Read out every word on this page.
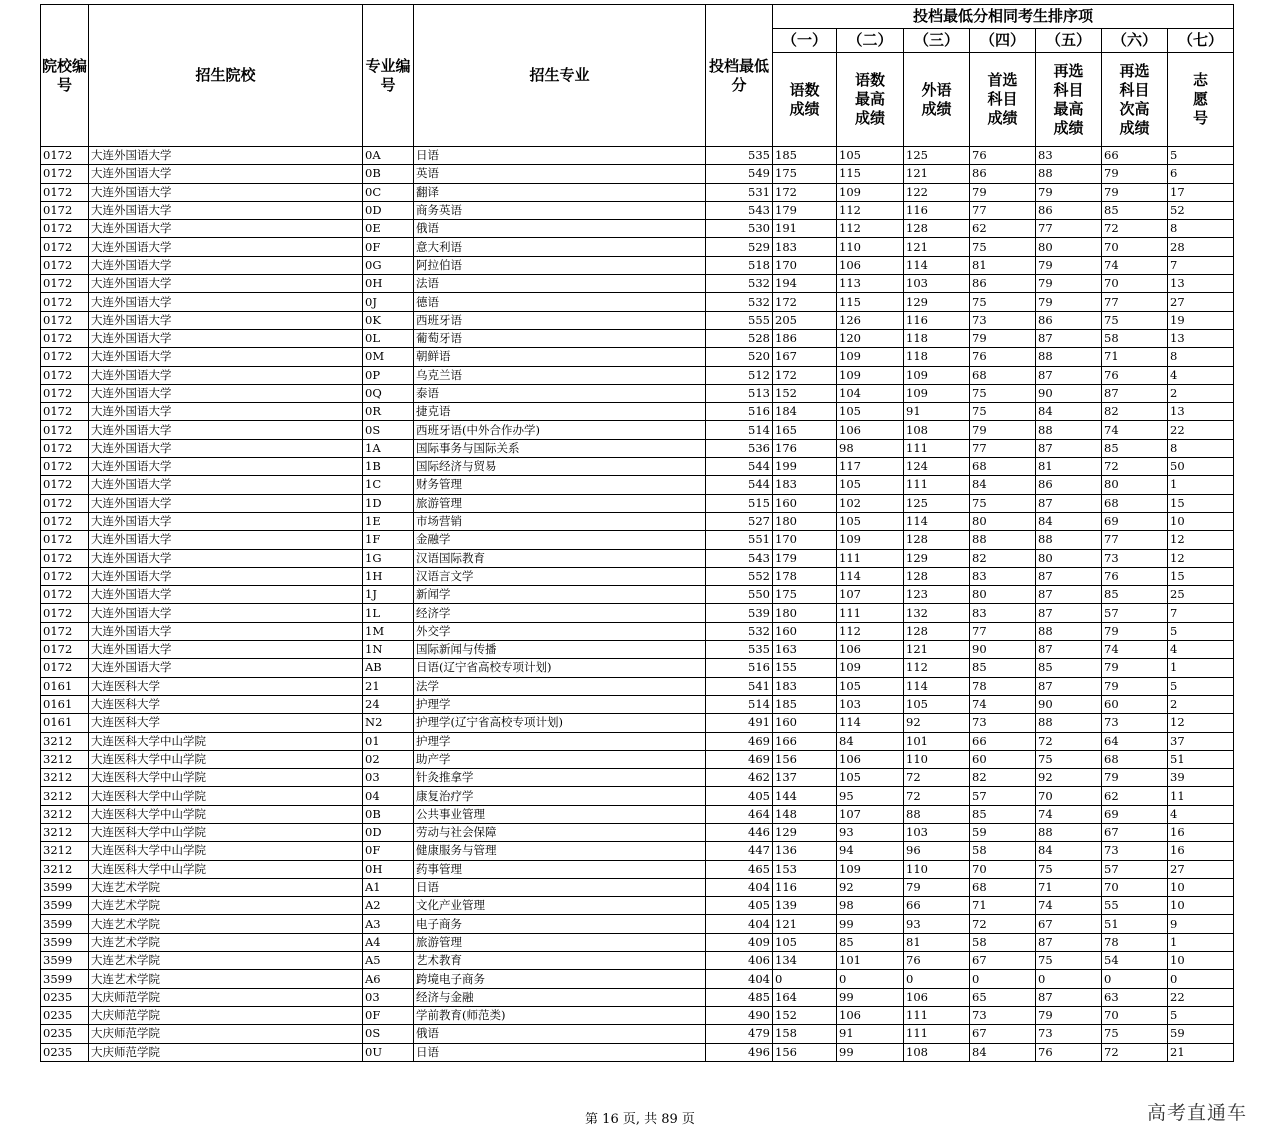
院校编号	招生院校	专业编号	招生专业	投档最低分	投档最低分相同考生排序项						
					（一）	（二）	（三）	（四）	（五）	（六）	（七）
					语数成绩	语数最高成绩	外语成绩	首选科目成绩	再选科目最高成绩	再选科目次高成绩	志愿号
0172	大连外国语大学	0A	日语	535	185	105	125	76	83	66	5
0172	大连外国语大学	0B	英语	549	175	115	121	86	88	79	6
0172	大连外国语大学	0C	翻译	531	172	109	122	79	79	79	17
0172	大连外国语大学	0D	商务英语	543	179	112	116	77	86	85	52
0172	大连外国语大学	0E	俄语	530	191	112	128	62	77	72	8
0172	大连外国语大学	0F	意大利语	529	183	110	121	75	80	70	28
0172	大连外国语大学	0G	阿拉伯语	518	170	106	114	81	79	74	7
0172	大连外国语大学	0H	法语	532	194	113	103	86	79	70	13
0172	大连外国语大学	0J	德语	532	172	115	129	75	79	77	27
0172	大连外国语大学	0K	西班牙语	555	205	126	116	73	86	75	19
0172	大连外国语大学	0L	葡萄牙语	528	186	120	118	79	87	58	13
0172	大连外国语大学	0M	朝鲜语	520	167	109	118	76	88	71	8
0172	大连外国语大学	0P	乌克兰语	512	172	109	109	68	87	76	4
0172	大连外国语大学	0Q	泰语	513	152	104	109	75	90	87	2
0172	大连外国语大学	0R	捷克语	516	184	105	91	75	84	82	13
0172	大连外国语大学	0S	西班牙语(中外合作办学)	514	165	106	108	79	88	74	22
0172	大连外国语大学	1A	国际事务与国际关系	536	176	98	111	77	87	85	8
0172	大连外国语大学	1B	国际经济与贸易	544	199	117	124	68	81	72	50
0172	大连外国语大学	1C	财务管理	544	183	105	111	84	86	80	1
0172	大连外国语大学	1D	旅游管理	515	160	102	125	75	87	68	15
0172	大连外国语大学	1E	市场营销	527	180	105	114	80	84	69	10
0172	大连外国语大学	1F	金融学	551	170	109	128	88	88	77	12
0172	大连外国语大学	1G	汉语国际教育	543	179	111	129	82	80	73	12
0172	大连外国语大学	1H	汉语言文学	552	178	114	128	83	87	76	15
0172	大连外国语大学	1J	新闻学	550	175	107	123	80	87	85	25
0172	大连外国语大学	1L	经济学	539	180	111	132	83	87	57	7
0172	大连外国语大学	1M	外交学	532	160	112	128	77	88	79	5
0172	大连外国语大学	1N	国际新闻与传播	535	163	106	121	90	87	74	4
0172	大连外国语大学	AB	日语(辽宁省高校专项计划)	516	155	109	112	85	85	79	1
0161	大连医科大学	21	法学	541	183	105	114	78	87	79	5
0161	大连医科大学	24	护理学	514	185	103	105	74	90	60	2
0161	大连医科大学	N2	护理学(辽宁省高校专项计划)	491	160	114	92	73	88	73	12
3212	大连医科大学中山学院	01	护理学	469	166	84	101	66	72	64	37
3212	大连医科大学中山学院	02	助产学	469	156	106	110	60	75	68	51
3212	大连医科大学中山学院	03	针灸推拿学	462	137	105	72	82	92	79	39
3212	大连医科大学中山学院	04	康复治疗学	405	144	95	72	57	70	62	11
3212	大连医科大学中山学院	0B	公共事业管理	464	148	107	88	85	74	69	4
3212	大连医科大学中山学院	0D	劳动与社会保障	446	129	93	103	59	88	67	16
3212	大连医科大学中山学院	0F	健康服务与管理	447	136	94	96	58	84	73	16
3212	大连医科大学中山学院	0H	药事管理	465	153	109	110	70	75	57	27
3599	大连艺术学院	A1	日语	404	116	92	79	68	71	70	10
3599	大连艺术学院	A2	文化产业管理	405	139	98	66	71	74	55	10
3599	大连艺术学院	A3	电子商务	404	121	99	93	72	67	51	9
3599	大连艺术学院	A4	旅游管理	409	105	85	81	58	87	78	1
3599	大连艺术学院	A5	艺术教育	406	134	101	76	67	75	54	10
3599	大连艺术学院	A6	跨境电子商务	404	0	0	0	0	0	0	0
0235	大庆师范学院	03	经济与金融	485	164	99	106	65	87	63	22
0235	大庆师范学院	0F	学前教育(师范类)	490	152	106	111	73	79	70	5
0235	大庆师范学院	0S	俄语	479	158	91	111	67	73	75	59
0235	大庆师范学院	0U	日语	496	156	99	108	84	76	72	21
第 16 页, 共 89 页	高考直通车
